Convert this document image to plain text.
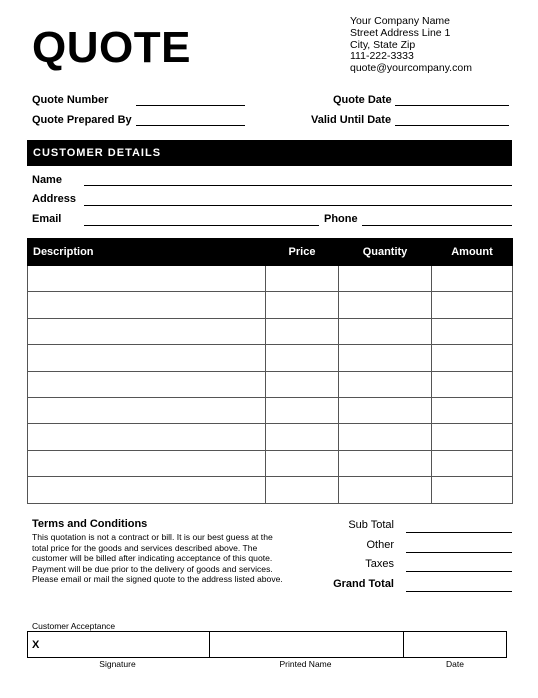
QUOTE
Your Company Name
Street Address Line 1
City, State Zip
111-222-3333
quote@yourcompany.com
Quote Number
Quote Prepared By
Quote Date
Valid Until Date
CUSTOMER DETAILS
Name
Address
Email	Phone
Description	Price	Quantity	Amount

Terms and Conditions
This quotation is not a contract or bill. It is our best guess at the
total price for the goods and services described above. The
customer will be billed after indicating acceptance of this quote.
Payment will be due prior to the delivery of goods and services.
Please email or mail the signed quote to the address listed above.
Sub Total
Other
Taxes
Grand Total
Customer Acceptance
X
Signature	Printed Name	Date
